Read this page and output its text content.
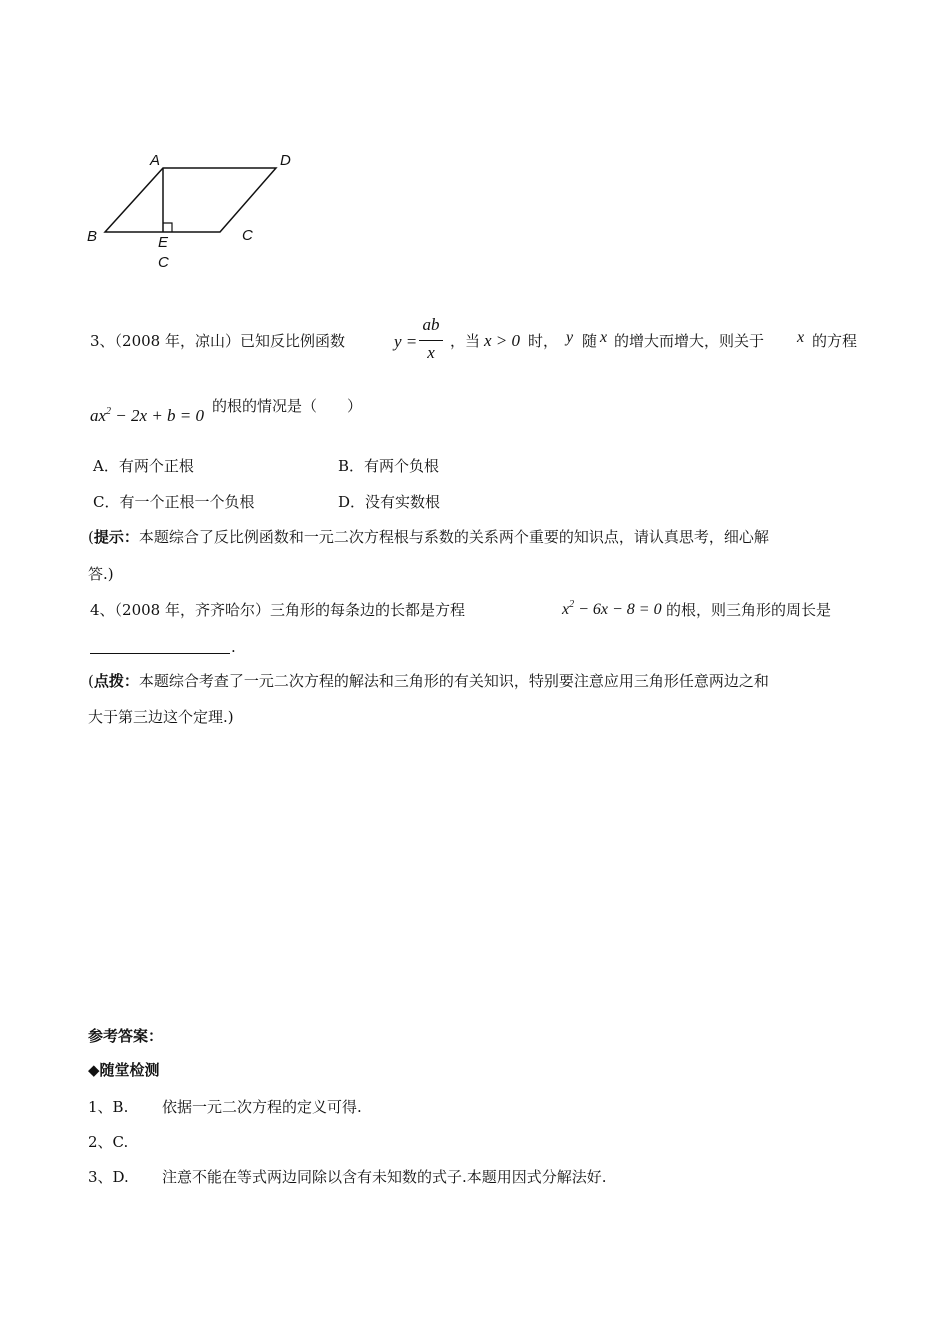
A	D
B	E	C
C
3、（2008 年，凉山）已知反比例函数	y =
ab
x
，当 x > 0 时， y 随 x 的增大而增大，则关于 x 的方程
$ax^2 - 2x + b = 0$ 的根的情况是（　　）
A．有两个正根	B．有两个负根
C．有一个正根一个负根	D．没有实数根
(提示：本题综合了反比例函数和一元二次方程根与系数的关系两个重要的知识点，请认真思考，细心解
答.)
4、（2008 年，齐齐哈尔）三角形的每条边的长都是方程	$x^2 - 6x - 8 = 0$ 的根，则三角形的周长是
.
(点拨：本题综合考查了一元二次方程的解法和三角形的有关知识，特别要注意应用三角形任意两边之和
大于第三边这个定理.)
参考答案：
◆随堂检测
1、B. 依据一元二次方程的定义可得.
2、C.
3、D. 注意不能在等式两边同除以含有未知数的式子.本题用因式分解法好.
